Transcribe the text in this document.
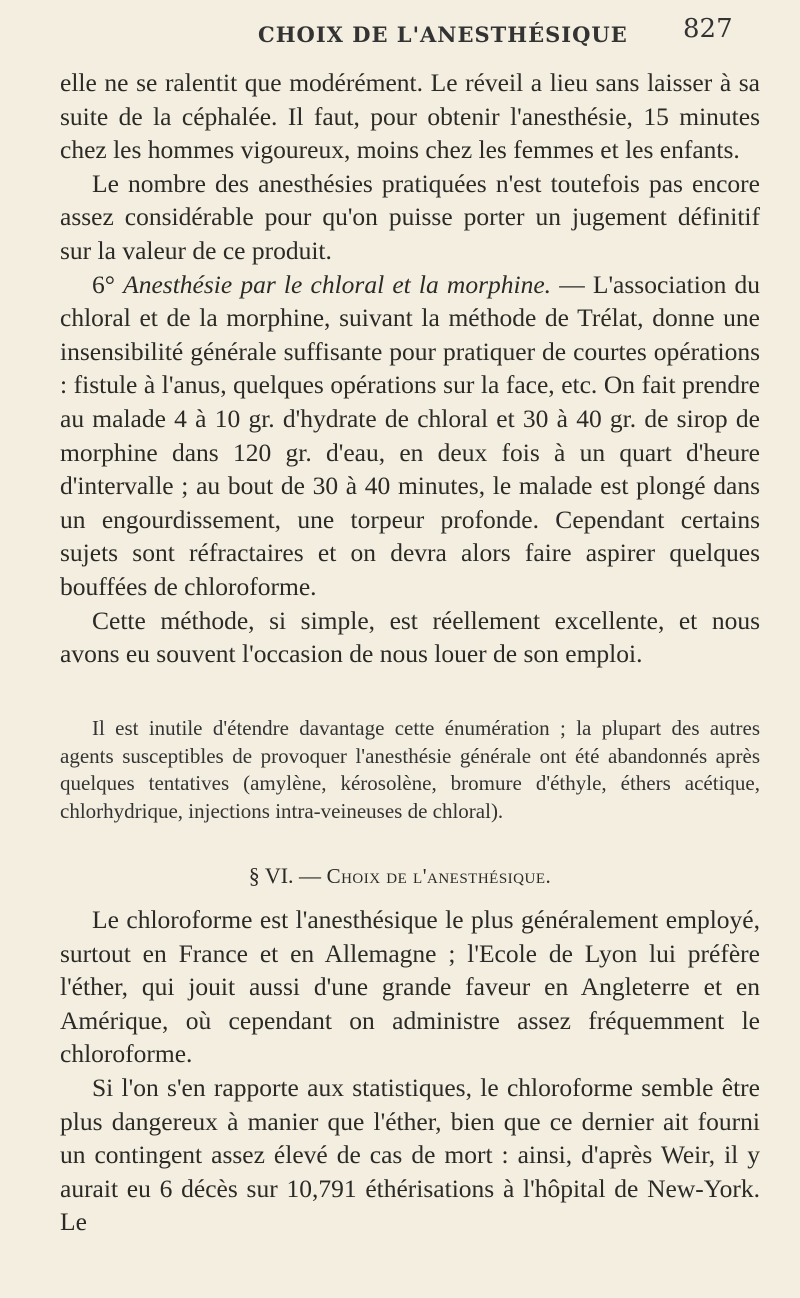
CHOIX DE L'ANESTHÉSIQUE 827

elle ne se ralentit que modérément. Le réveil a lieu sans laisser à sa suite de la céphalée. Il faut, pour obtenir l'anesthésie, 15 minutes chez les hommes vigoureux, moins chez les femmes et les enfants.

Le nombre des anesthésies pratiquées n'est toutefois pas encore assez considérable pour qu'on puisse porter un jugement définitif sur la valeur de ce produit.

6° Anesthésie par le chloral et la morphine. — L'association du chloral et de la morphine, suivant la méthode de Trélat, donne une insensibilité générale suffisante pour pratiquer de courtes opérations : fistule à l'anus, quelques opérations sur la face, etc. On fait prendre au malade 4 à 10 gr. d'hydrate de chloral et 30 à 40 gr. de sirop de morphine dans 120 gr. d'eau, en deux fois à un quart d'heure d'intervalle ; au bout de 30 à 40 minutes, le malade est plongé dans un engourdissement, une torpeur profonde. Cependant certains sujets sont réfractaires et on devra alors faire aspirer quelques bouffées de chloroforme.

Cette méthode, si simple, est réellement excellente, et nous avons eu souvent l'occasion de nous louer de son emploi.

Il est inutile d'étendre davantage cette énumération ; la plupart des autres agents susceptibles de provoquer l'anesthésie générale ont été abandonnés après quelques tentatives (amylène, kérosolène, bromure d'éthyle, éthers acétique, chlorhydrique, injections intra-veineuses de chloral).

§ VI. — Choix de l'anesthésique.

Le chloroforme est l'anesthésique le plus généralement employé, surtout en France et en Allemagne ; l'Ecole de Lyon lui préfère l'éther, qui jouit aussi d'une grande faveur en Angleterre et en Amérique, où cependant on administre assez fréquemment le chloroforme.

Si l'on s'en rapporte aux statistiques, le chloroforme semble être plus dangereux à manier que l'éther, bien que ce dernier ait fourni un contingent assez élevé de cas de mort : ainsi, d'après Weir, il y aurait eu 6 décès sur 10,791 éthérisations à l'hôpital de New-York. Le
